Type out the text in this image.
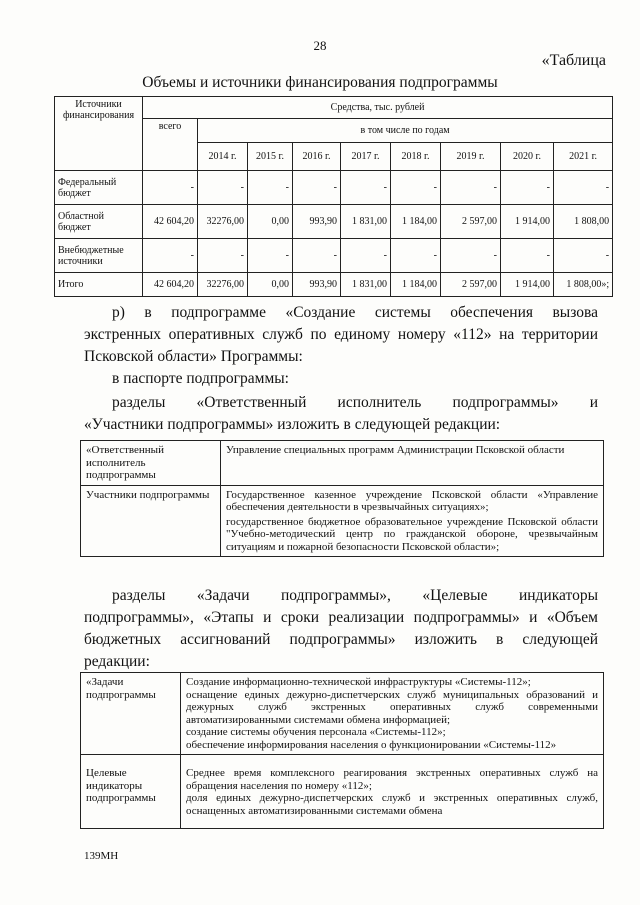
28
«Таблица
Объемы и источники финансирования подпрограммы
Источники финансирования	Средства, тыс. рублей								
	всего	в том числе по годам							
		2014 г.	2015 г.	2016 г.	2017 г.	2018 г.	2019 г.	2020 г.	2021 г.
Федеральный бюджет	-	-	-	-	-	-	-	-	-
Областной бюджет	42 604,20	32276,00	0,00	993,90	1 831,00	1 184,00	2 597,00	1 914,00	1 808,00
Внебюджетные источники	-	-	-	-	-	-	-	-	-
Итого	42 604,20	32276,00	0,00	993,90	1 831,00	1 184,00	2 597,00	1 914,00	1 808,00»;
р) в подпрограмме «Создание системы обеспечения вызова
экстренных оперативных служб по единому номеру «112» на территории
Псковской области» Программы:
в паспорте подпрограммы:
разделы «Ответственный исполнитель подпрограммы» и
«Участники подпрограммы» изложить в следующей редакции:
«Ответственный исполнитель подпрограммы	Управление специальных программ Администрации Псковской области
Участники подпрограммы	Государственное казенное учреждение Псковской области «Управление обеспечения деятельности в чрезвычайных ситуациях»;
государственное бюджетное образовательное учреждение Псковской области "Учебно-методический центр по гражданской обороне, чрезвычайным ситуациям и пожарной безопасности Псковской области»;
разделы «Задачи подпрограммы», «Целевые индикаторы
подпрограммы», «Этапы и сроки реализации подпрограммы» и «Объем
бюджетных ассигнований подпрограммы» изложить в следующей
редакции:
«Задачи подпрограммы	Создание информационно-технической инфраструктуры «Системы-112»;
оснащение единых дежурно-диспетчерских служб муниципальных образований и дежурных служб экстренных оперативных служб современными автоматизированными системами обмена информацией;
создание системы обучения персонала «Системы-112»;
обеспечение информирования населения о функционировании «Системы-112»

Целевые индикаторы подпрограммы	Среднее время комплексного реагирования экстренных оперативных служб на обращения населения по номеру «112»;
доля единых дежурно-диспетчерских служб и экстренных оперативных служб, оснащенных автоматизированными системами обмена
139МН
